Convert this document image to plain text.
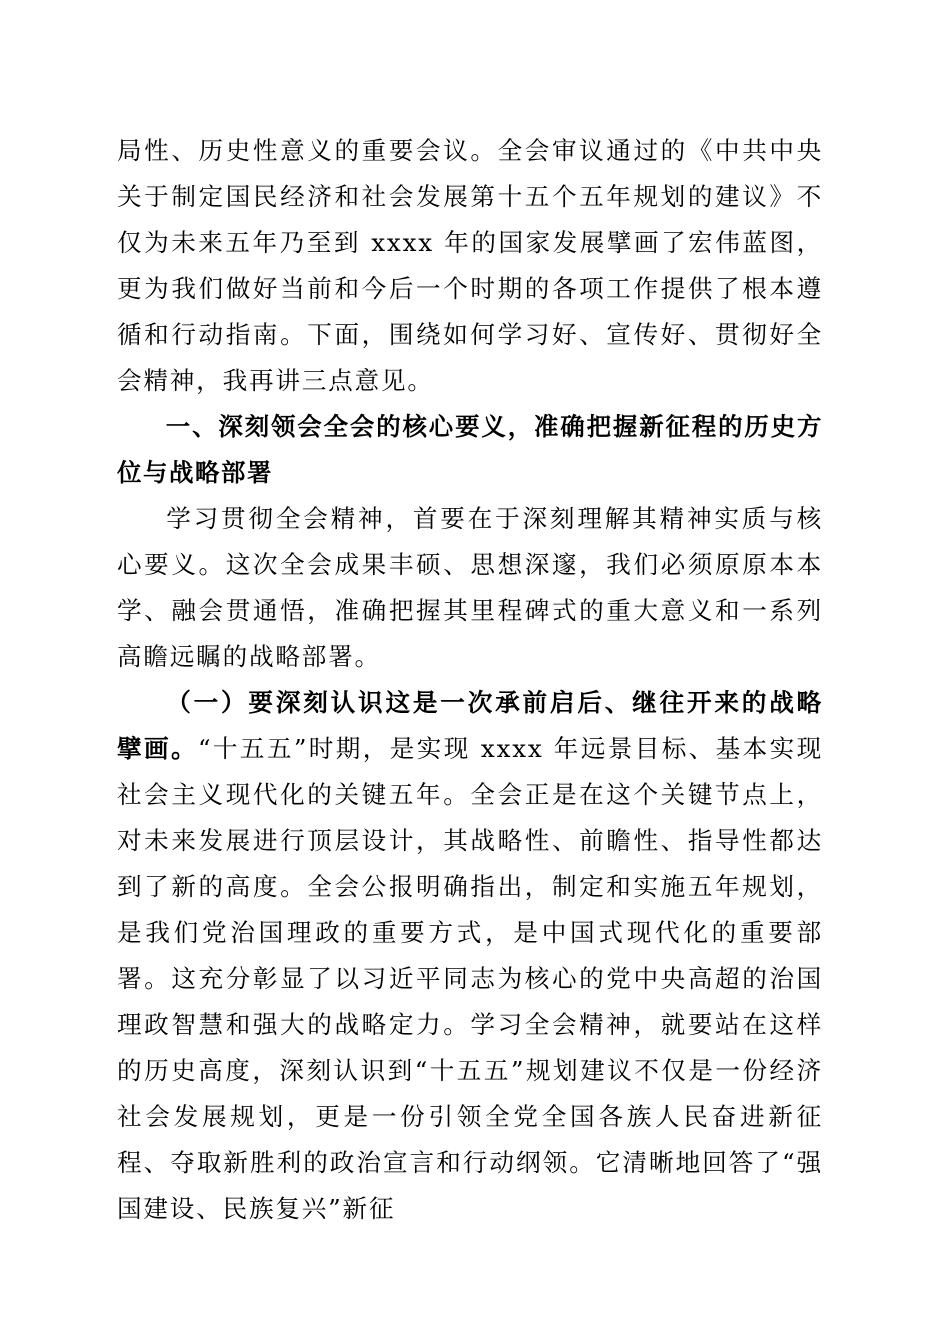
局性、历史性意义的重要会议。全会审议通过的《中共中央关于制定国民经济和社会发展第十五个五年规划的建议》不仅为未来五年乃至到 xxxx 年的国家发展擘画了宏伟蓝图，更为我们做好当前和今后一个时期的各项工作提供了根本遵循和行动指南。下面，围绕如何学习好、宣传好、贯彻好全会精神，我再讲三点意见。

一、深刻领会全会的核心要义，准确把握新征程的历史方位与战略部署

学习贯彻全会精神，首要在于深刻理解其精神实质与核心要义。这次全会成果丰硕、思想深邃，我们必须原原本本学、融会贯通悟，准确把握其里程碑式的重大意义和一系列高瞻远瞩的战略部署。

（一）要深刻认识这是一次承前启后、继往开来的战略擘画。“十五五”时期，是实现 xxxx 年远景目标、基本实现社会主义现代化的关键五年。全会正是在这个关键节点上，对未来发展进行顶层设计，其战略性、前瞻性、指导性都达到了新的高度。全会公报明确指出，制定和实施五年规划，是我们党治国理政的重要方式，是中国式现代化的重要部署。这充分彰显了以习近平同志为核心的党中央高超的治国理政智慧和强大的战略定力。学习全会精神，就要站在这样的历史高度，深刻认识到“十五五”规划建议不仅是一份经济社会发展规划，更是一份引领全党全国各族人民奋进新征程、夺取新胜利的政治宣言和行动纲领。它清晰地回答了“强国建设、民族复兴”新征
